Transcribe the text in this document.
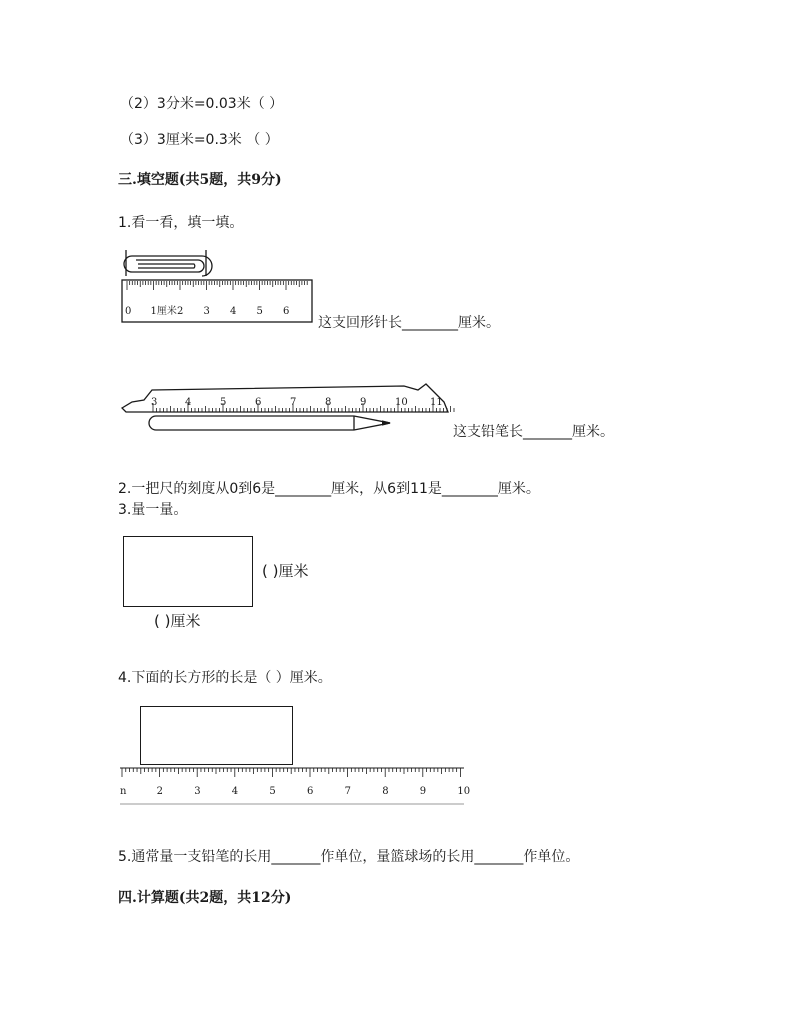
（2）3分米=0.03米（ ）
（3）3厘米=0.3米 （ ）
三.填空题(共5题，共9分)
1.看一看，填一填。
0 1厘米 2 3 4 5 6
这支回形针长________厘米。
3	4	5	6	7	8	9	10 11
这支铅笔长_______厘米。
2.一把尺的刻度从0到6是________厘米，从6到11是________厘米。
3.量一量。
( )厘米
( )厘米
4.下面的长方形的长是（ ）厘米。
n	2	3	4	5	6	7	8	9	10
5.通常量一支铅笔的长用_______作单位，量篮球场的长用_______作单位。
四.计算题(共2题，共12分)
